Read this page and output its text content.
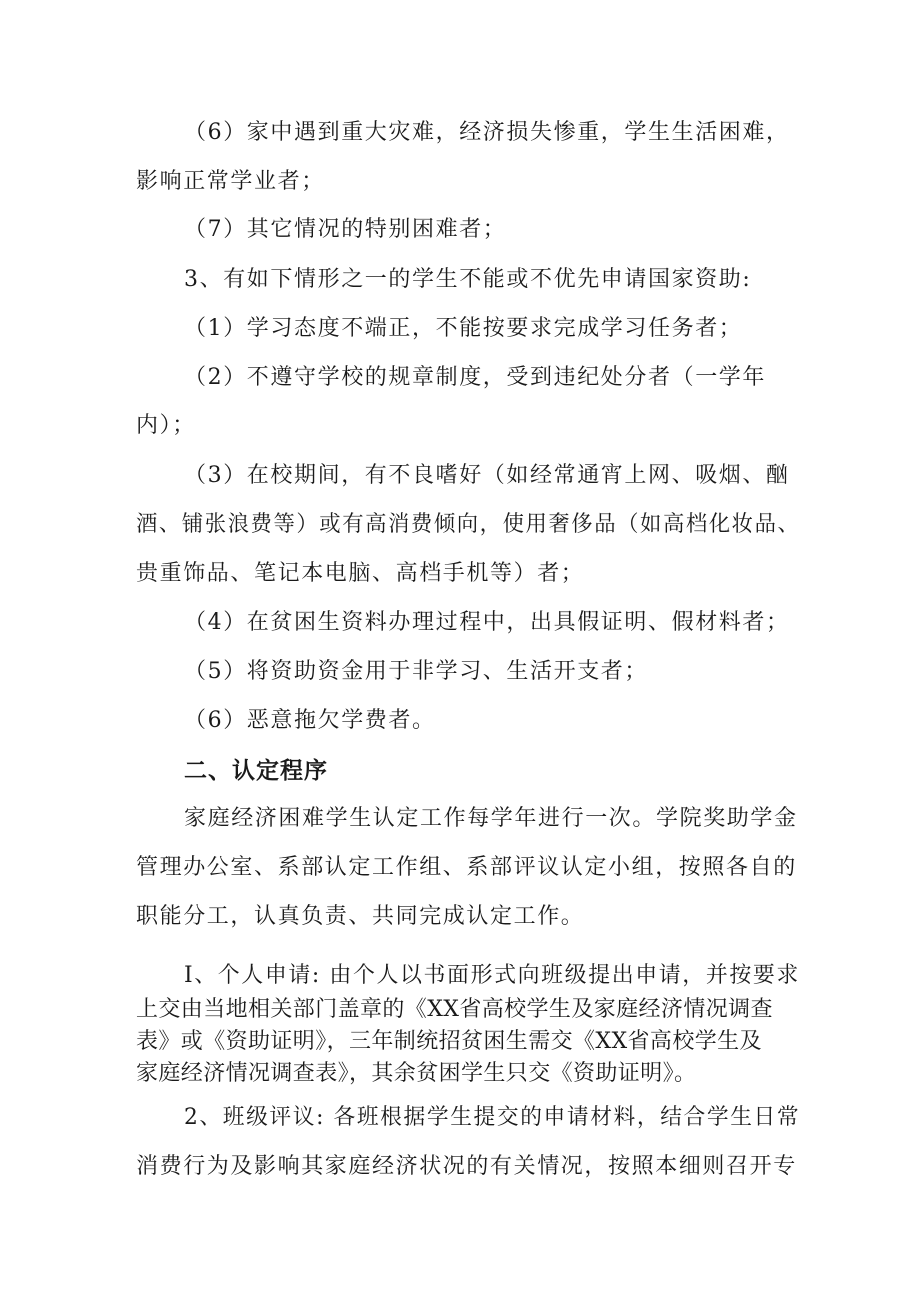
（6）家中遇到重大灾难，经济损失惨重，学生生活困难，

影响正常学业者；

（7）其它情况的特别困难者；

3、有如下情形之一的学生不能或不优先申请国家资助:

（1）学习态度不端正，不能按要求完成学习任务者；

（2）不遵守学校的规章制度，受到违纪处分者（一学年

内）；

（3）在校期间，有不良嗜好（如经常通宵上网、吸烟、酗

酒、铺张浪费等）或有高消费倾向，使用奢侈品（如高档化妆品、

贵重饰品、笔记本电脑、高档手机等）者；

（4）在贫困生资料办理过程中，出具假证明、假材料者；

（5）将资助资金用于非学习、生活开支者；

（6）恶意拖欠学费者。

二、认定程序

家庭经济困难学生认定工作每学年进行一次。学院奖助学金

管理办公室、系部认定工作组、系部评议认定小组，按照各自的

职能分工，认真负责、共同完成认定工作。

I、个人申请: 由个人以书面形式向班级提出申请，并按要求

上交由当地相关部门盖章的《XX省高校学生及家庭经济情况调查

表》或《资助证明》，三年制统招贫困生需交《XX省高校学生及

家庭经济情况调查表》，其余贫困学生只交《资助证明》。

2、班级评议: 各班根据学生提交的申请材料，结合学生日常

消费行为及影响其家庭经济状况的有关情况，按照本细则召开专
